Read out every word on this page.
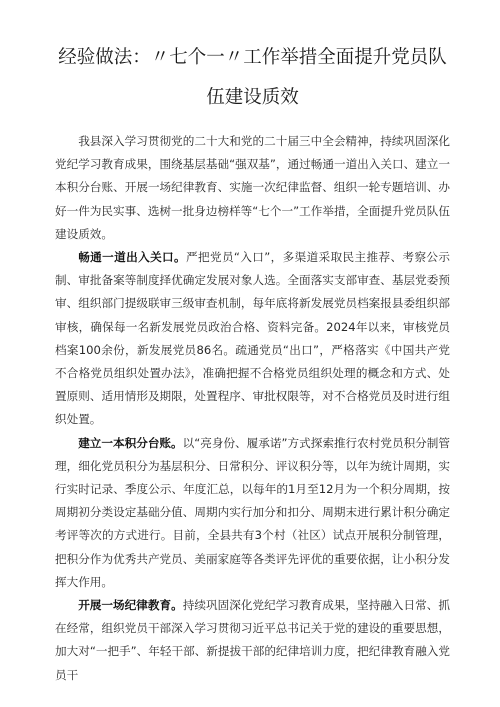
经验做法：〃七个一〃工作举措全面提升党员队伍建设质效

我县深入学习贯彻党的二十大和党的二十届三中全会精神，持续巩固深化党纪学习教育成果，围绕基层基础“强双基”，通过畅通一道出入关口、建立一本积分台账、开展一场纪律教育、实施一次纪律监督、组织一轮专题培训、办好一件为民实事、选树一批身边榜样等“七个一”工作举措，全面提升党员队伍建设质效。

畅通一道出入关口。严把党员“入口”，多渠道采取民主推荐、考察公示制、审批备案等制度择优确定发展对象人选。全面落实支部审查、基层党委预审、组织部门提级联审三级审查机制，每年底将新发展党员档案报县委组织部审核，确保每一名新发展党员政治合格、资料完备。2024年以来，审核党员档案100余份，新发展党员86名。疏通党员“出口”，严格落实《中国共产党不合格党员组织处置办法》，准确把握不合格党员组织处理的概念和方式、处置原则、适用情形及期限，处置程序、审批权限等，对不合格党员及时进行组织处置。

建立一本积分台账。以“亮身份、履承诺”方式探索推行农村党员积分制管理，细化党员积分为基层积分、日常积分、评议积分等，以年为统计周期，实行实时记录、季度公示、年度汇总，以每年的1月至12月为一个积分周期，按周期初分类设定基础分值、周期内实行加分和扣分、周期末进行累计积分确定考评等次的方式进行。目前，全县共有3个村（社区）试点开展积分制管理，把积分作为优秀共产党员、美丽家庭等各类评先评优的重要依据，让小积分发挥大作用。

开展一场纪律教育。持续巩固深化党纪学习教育成果，坚持融入日常、抓在经常，组织党员干部深入学习贯彻习近平总书记关于党的建设的重要思想，加大对“一把手”、年轻干部、新提拔干部的纪律培训力度，把纪律教育融入党员干
